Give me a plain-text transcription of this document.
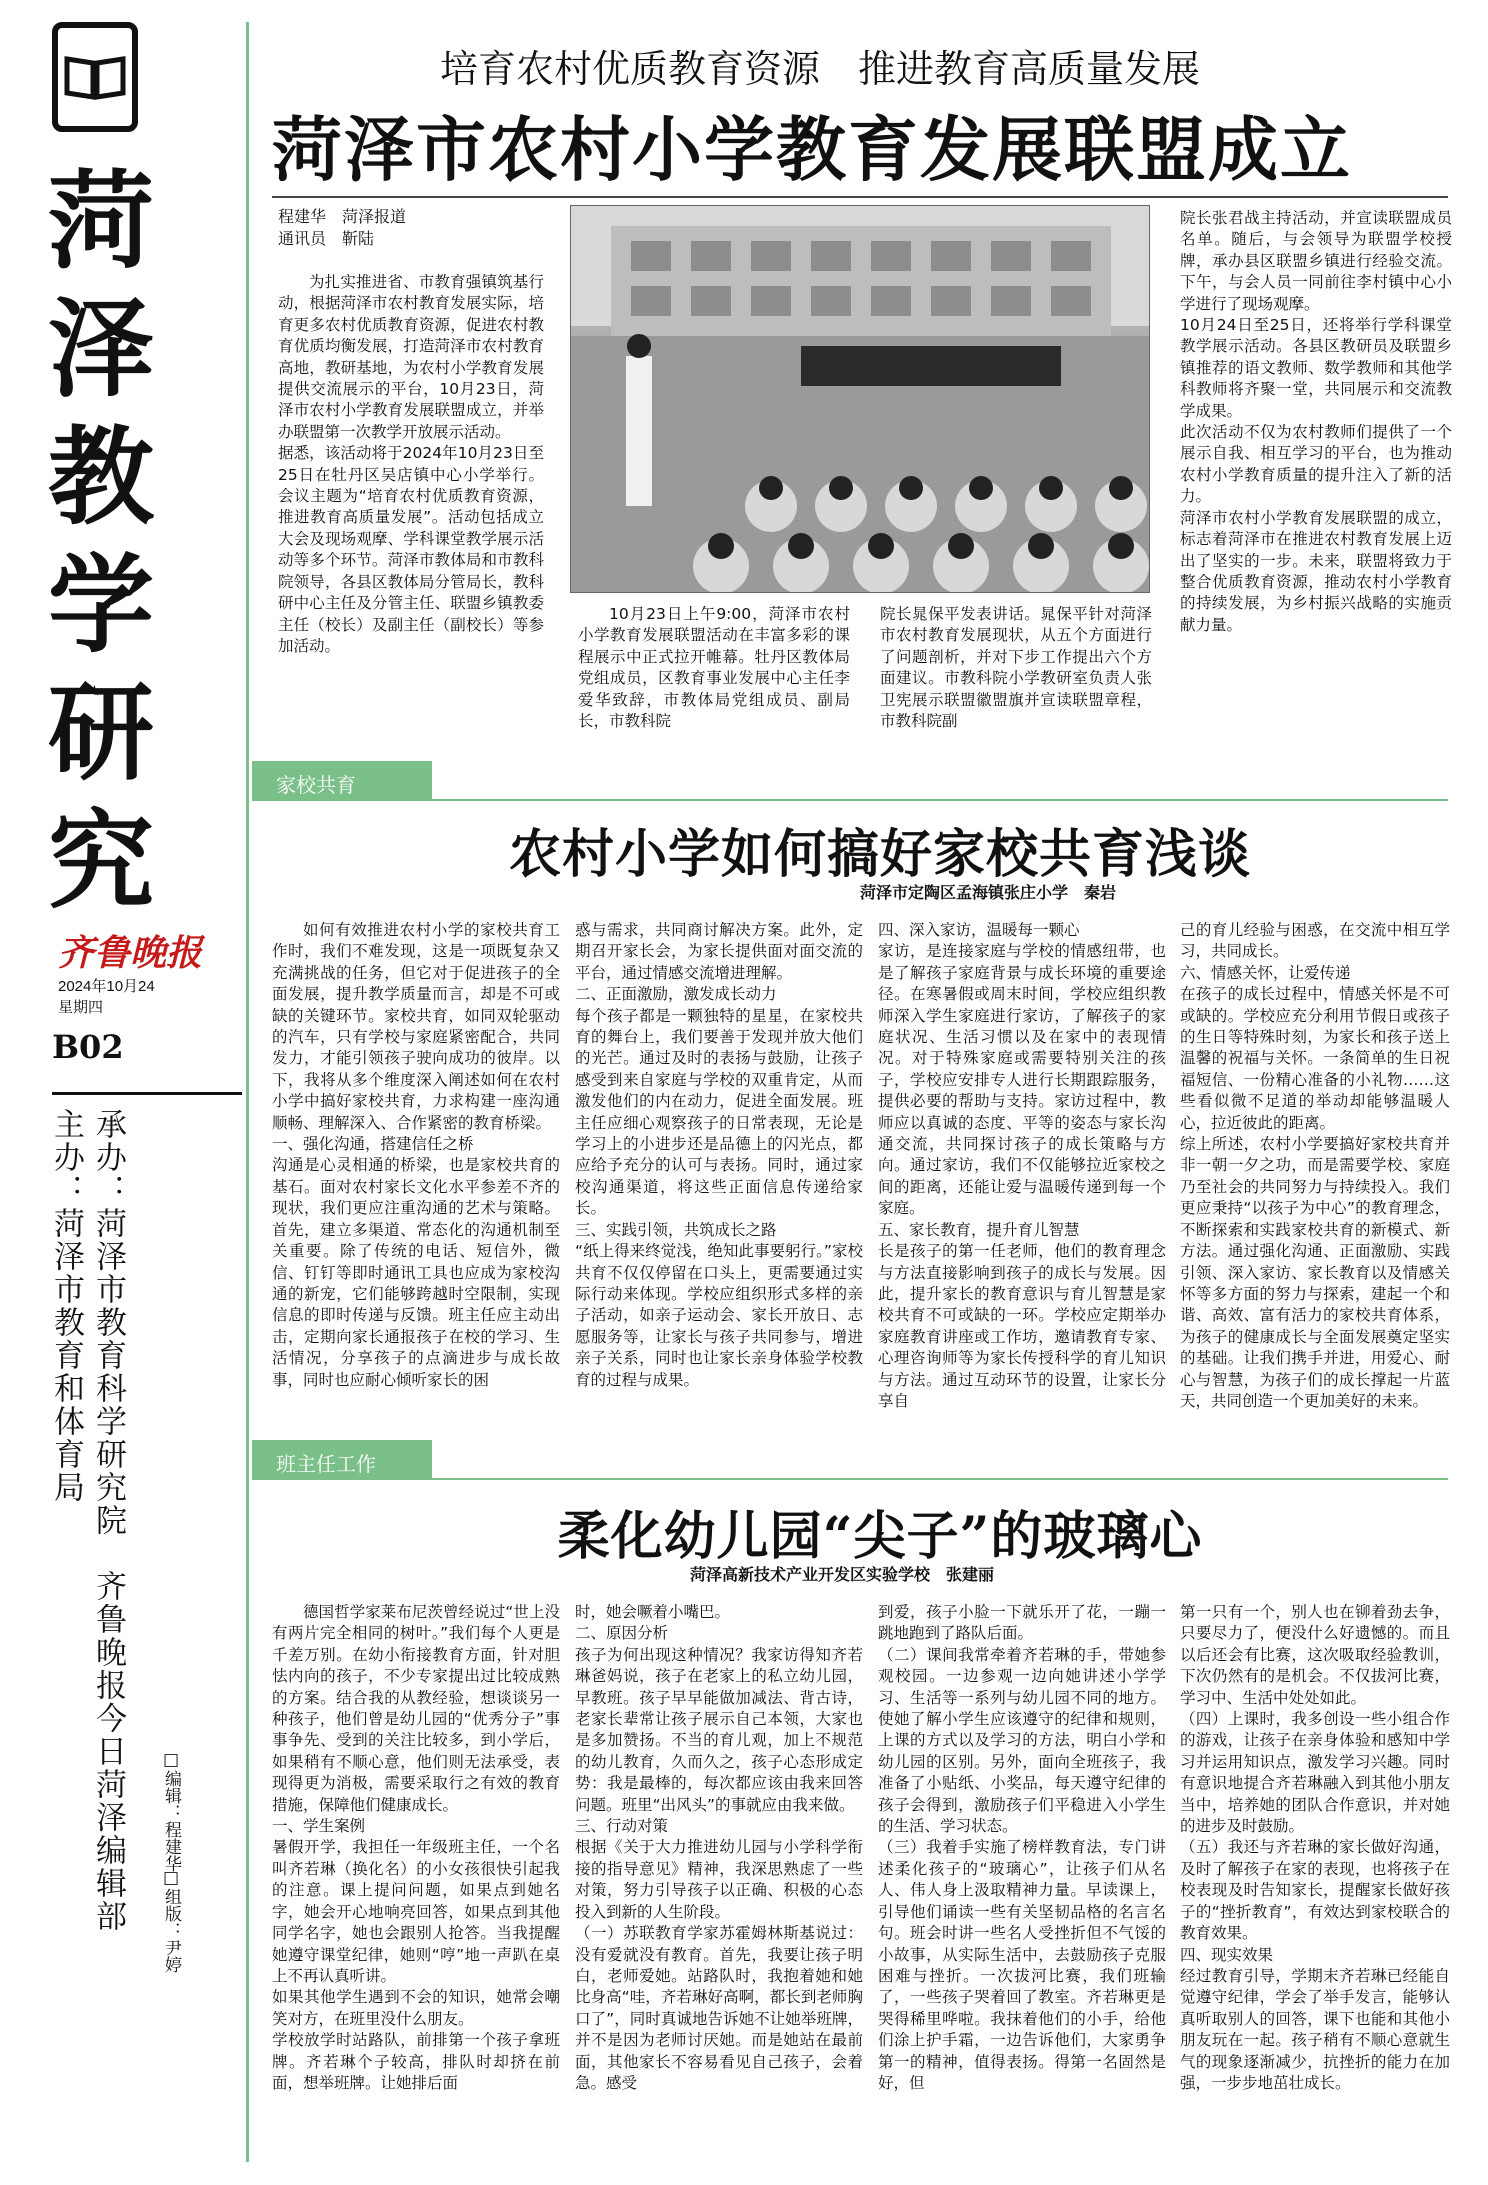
菏
泽
教
学
研
究
齐鲁晚报
2024年10月24
星期四
B02
承办：菏泽市教育科学研究院　齐鲁晚报今日菏泽编辑部
主办：菏泽市教育和体育局
□编辑：程建华
□组版：尹婷
培育农村优质教育资源　推进教育高质量发展
菏泽市农村小学教育发展联盟成立
程建华　菏泽报道
通讯员　靳陆
为扎实推进省、市教育强镇筑基行动，根据菏泽市农村教育发展实际，培育更多农村优质教育资源，促进农村教育优质均衡发展，打造菏泽市农村教育高地，教研基地，为农村小学教育发展提供交流展示的平台，10月23日，菏泽市农村小学教育发展联盟成立，并举办联盟第一次教学开放展示活动。
据悉，该活动将于2024年10月23日至25日在牡丹区吴店镇中心小学举行。会议主题为“培育农村优质教育资源，推进教育高质量发展”。活动包括成立大会及现场观摩、学科课堂教学展示活动等多个环节。菏泽市教体局和市教科院领导，各县区教体局分管局长，教科研中心主任及分管主任、联盟乡镇教委主任（校长）及副主任（副校长）等参加活动。
10月23日上午9:00，菏泽市农村小学教育发展联盟活动在丰富多彩的课程展示中正式拉开帷幕。牡丹区教体局党组成员，区教育事业发展中心主任李爱华致辞，市教体局党组成员、副局长，市教科院
院长晁保平发表讲话。晁保平针对菏泽市农村教育发展现状，从五个方面进行了问题剖析，并对下步工作提出六个方面建议。市教科院小学教研室负责人张卫宪展示联盟徽盟旗并宣读联盟章程，市教科院副
院长张君战主持活动，并宣读联盟成员名单。随后，与会领导为联盟学校授牌，承办县区联盟乡镇进行经验交流。下午，与会人员一同前往李村镇中心小学进行了现场观摩。
10月24日至25日，还将举行学科课堂教学展示活动。各县区教研员及联盟乡镇推荐的语文教师、数学教师和其他学科教师将齐聚一堂，共同展示和交流教学成果。
此次活动不仅为农村教师们提供了一个展示自我、相互学习的平台，也为推动农村小学教育质量的提升注入了新的活力。
菏泽市农村小学教育发展联盟的成立，标志着菏泽市在推进农村教育发展上迈出了坚实的一步。未来，联盟将致力于整合优质教育资源，推动农村小学教育的持续发展，为乡村振兴战略的实施贡献力量。
家校共育
农村小学如何搞好家校共育浅谈
菏泽市定陶区孟海镇张庄小学　秦岩
如何有效推进农村小学的家校共育工作时，我们不难发现，这是一项既复杂又充满挑战的任务，但它对于促进孩子的全面发展，提升教学质量而言，却是不可或缺的关键环节。家校共育，如同双轮驱动的汽车，只有学校与家庭紧密配合，共同发力，才能引领孩子驶向成功的彼岸。以下，我将从多个维度深入阐述如何在农村小学中搞好家校共育，力求构建一座沟通顺畅、理解深入、合作紧密的教育桥梁。
一、强化沟通，搭建信任之桥
沟通是心灵相通的桥梁，也是家校共育的基石。面对农村家长文化水平参差不齐的现状，我们更应注重沟通的艺术与策略。首先，建立多渠道、常态化的沟通机制至关重要。除了传统的电话、短信外，微信、钉钉等即时通讯工具也应成为家校沟通的新宠，它们能够跨越时空限制，实现信息的即时传递与反馈。班主任应主动出击，定期向家长通报孩子在校的学习、生活情况，分享孩子的点滴进步与成长故事，同时也应耐心倾听家长的困
惑与需求，共同商讨解决方案。此外，定期召开家长会，为家长提供面对面交流的平台，通过情感交流增进理解。
二、正面激励，激发成长动力
每个孩子都是一颗独特的星星，在家校共育的舞台上，我们要善于发现并放大他们的光芒。通过及时的表扬与鼓励，让孩子感受到来自家庭与学校的双重肯定，从而激发他们的内在动力，促进全面发展。班主任应细心观察孩子的日常表现，无论是学习上的小进步还是品德上的闪光点，都应给予充分的认可与表扬。同时，通过家校沟通渠道，将这些正面信息传递给家长。
三、实践引领，共筑成长之路
“纸上得来终觉浅，绝知此事要躬行。”家校共育不仅仅停留在口头上，更需要通过实际行动来体现。学校应组织形式多样的亲子活动，如亲子运动会、家长开放日、志愿服务等，让家长与孩子共同参与，增进亲子关系，同时也让家长亲身体验学校教育的过程与成果。
四、深入家访，温暖每一颗心
家访，是连接家庭与学校的情感纽带，也是了解孩子家庭背景与成长环境的重要途径。在寒暑假或周末时间，学校应组织教师深入学生家庭进行家访，了解孩子的家庭状况、生活习惯以及在家中的表现情况。对于特殊家庭或需要特别关注的孩子，学校应安排专人进行长期跟踪服务，提供必要的帮助与支持。家访过程中，教师应以真诚的态度、平等的姿态与家长沟通交流，共同探讨孩子的成长策略与方向。通过家访，我们不仅能够拉近家校之间的距离，还能让爱与温暖传递到每一个家庭。
五、家长教育，提升育儿智慧
长是孩子的第一任老师，他们的教育理念与方法直接影响到孩子的成长与发展。因此，提升家长的教育意识与育儿智慧是家校共育不可或缺的一环。学校应定期举办家庭教育讲座或工作坊，邀请教育专家、心理咨询师等为家长传授科学的育儿知识与方法。通过互动环节的设置，让家长分享自
己的育儿经验与困惑，在交流中相互学习，共同成长。
六、情感关怀，让爱传递
在孩子的成长过程中，情感关怀是不可或缺的。学校应充分利用节假日或孩子的生日等特殊时刻，为家长和孩子送上温馨的祝福与关怀。一条简单的生日祝福短信、一份精心准备的小礼物……这些看似微不足道的举动却能够温暖人心，拉近彼此的距离。
综上所述，农村小学要搞好家校共育并非一朝一夕之功，而是需要学校、家庭乃至社会的共同努力与持续投入。我们更应秉持“以孩子为中心”的教育理念，不断探索和实践家校共育的新模式、新方法。通过强化沟通、正面激励、实践引领、深入家访、家长教育以及情感关怀等多方面的努力与探索，建起一个和谐、高效、富有活力的家校共育体系，为孩子的健康成长与全面发展奠定坚实的基础。让我们携手并进，用爱心、耐心与智慧，为孩子们的成长撑起一片蓝天，共同创造一个更加美好的未来。
班主任工作
柔化幼儿园“尖子”的玻璃心
菏泽高新技术产业开发区实验学校　张建丽
德国哲学家莱布尼茨曾经说过“世上没有两片完全相同的树叶。”我们每个人更是千差万别。在幼小衔接教育方面，针对胆怯内向的孩子，不少专家提出过比较成熟的方案。结合我的从教经验，想谈谈另一种孩子，他们曾是幼儿园的“优秀分子”事事争先、受到的关注比较多，到小学后，如果稍有不顺心意，他们则无法承受，表现得更为消极，需要采取行之有效的教育措施，保障他们健康成长。
一、学生案例
暑假开学，我担任一年级班主任，一个名叫齐若琳（换化名）的小女孩很快引起我的注意。课上提问问题，如果点到她名字，她会开心地响亮回答，如果点到其他同学名字，她也会跟别人抢答。当我提醒她遵守课堂纪律，她则“哼”地一声趴在桌上不再认真听讲。
如果其他学生遇到不会的知识，她常会嘲笑对方，在班里没什么朋友。
学校放学时站路队，前排第一个孩子拿班牌。齐若琳个子较高，排队时却挤在前面，想举班牌。让她排后面
时，她会噘着小嘴巴。
二、原因分析
孩子为何出现这种情况？我家访得知齐若琳爸妈说，孩子在老家上的私立幼儿园，早教班。孩子早早能做加减法、背古诗，老家长辈常让孩子展示自己本领，大家也是多加赞扬。不当的育儿观，加上不规范的幼儿教育，久而久之，孩子心态形成定势：我是最棒的，每次都应该由我来回答问题。班里“出风头”的事就应由我来做。
三、行动对策
根据《关于大力推进幼儿园与小学科学衔接的指导意见》精神，我深思熟虑了一些对策，努力引导孩子以正确、积极的心态投入到新的人生阶段。
（一）苏联教育学家苏霍姆林斯基说过：没有爱就没有教育。首先，我要让孩子明白，老师爱她。站路队时，我抱着她和她比身高“哇，齐若琳好高啊，都长到老师胸口了”，同时真诚地告诉她不让她举班牌，并不是因为老师讨厌她。而是她站在最前面，其他家长不容易看见自己孩子，会着急。感受
到爱，孩子小脸一下就乐开了花，一蹦一跳地跑到了路队后面。
（二）课间我常牵着齐若琳的手，带她参观校园。一边参观一边向她讲述小学学习、生活等一系列与幼儿园不同的地方。使她了解小学生应该遵守的纪律和规则，上课的方式以及学习的方法，明白小学和幼儿园的区别。另外，面向全班孩子，我准备了小贴纸、小奖品，每天遵守纪律的孩子会得到，激励孩子们平稳进入小学生的生活、学习状态。
（三）我着手实施了榜样教育法，专门讲述柔化孩子的“玻璃心”，让孩子们从名人、伟人身上汲取精神力量。早读课上，引导他们诵读一些有关坚韧品格的名言名句。班会时讲一些名人受挫折但不气馁的小故事，从实际生活中，去鼓励孩子克服困难与挫折。一次拔河比赛，我们班输了，一些孩子哭着回了教室。齐若琳更是哭得稀里哗啦。我抹着他们的小手，给他们涂上护手霜，一边告诉他们，大家勇争第一的精神，值得表扬。得第一名固然是好，但
第一只有一个，别人也在铆着劲去争，只要尽力了，便没什么好遗憾的。而且以后还会有比赛，这次吸取经验教训，下次仍然有的是机会。不仅拔河比赛，学习中、生活中处处如此。
（四）上课时，我多创设一些小组合作的游戏，让孩子在亲身体验和感知中学习并运用知识点，激发学习兴趣。同时有意识地提合齐若琳融入到其他小朋友当中，培养她的团队合作意识，并对她的进步及时鼓励。
（五）我还与齐若琳的家长做好沟通，及时了解孩子在家的表现，也将孩子在校表现及时告知家长，提醒家长做好孩子的“挫折教育”，有效达到家校联合的教育效果。
四、现实效果
经过教育引导，学期末齐若琳已经能自觉遵守纪律，学会了举手发言，能够认真听取别人的回答，课下也能和其他小朋友玩在一起。孩子稍有不顺心意就生气的现象逐渐减少，抗挫折的能力在加强，一步步地茁壮成长。
